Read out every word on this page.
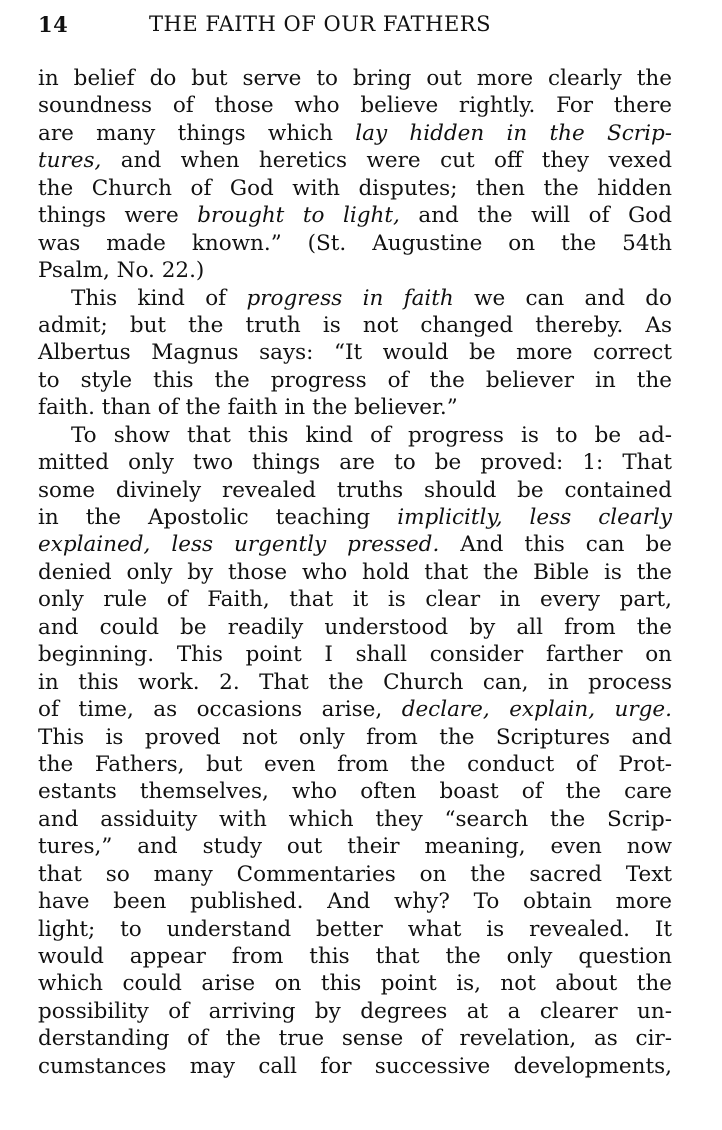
14	THE FAITH OF OUR FATHERS
in belief do but serve to bring out more clearly the
soundness of those who believe rightly. For there
are many things which lay hidden in the Scrip-
tures, and when heretics were cut off they vexed
the Church of God with disputes; then the hidden
things were brought to light, and the will of God
was made known.” (St. Augustine on the 54th
Psalm, No. 22.)
This kind of progress in faith we can and do
admit; but the truth is not changed thereby. As
Albertus Magnus says: “It would be more correct
to style this the progress of the believer in the
faith. than of the faith in the believer.”
To show that this kind of progress is to be ad-
mitted only two things are to be proved: 1: That
some divinely revealed truths should be contained
in the Apostolic teaching implicitly, less clearly
explained, less urgently pressed. And this can be
denied only by those who hold that the Bible is the
only rule of Faith, that it is clear in every part,
and could be readily understood by all from the
beginning. This point I shall consider farther on
in this work. 2. That the Church can, in process
of time, as occasions arise, declare, explain, urge.
This is proved not only from the Scriptures and
the Fathers, but even from the conduct of Prot-
estants themselves, who often boast of the care
and assiduity with which they “search the Scrip-
tures,” and study out their meaning, even now
that so many Commentaries on the sacred Text
have been published. And why? To obtain more
light; to understand better what is revealed. It
would appear from this that the only question
which could arise on this point is, not about the
possibility of arriving by degrees at a clearer un-
derstanding of the true sense of revelation, as cir-
cumstances may call for successive developments,
